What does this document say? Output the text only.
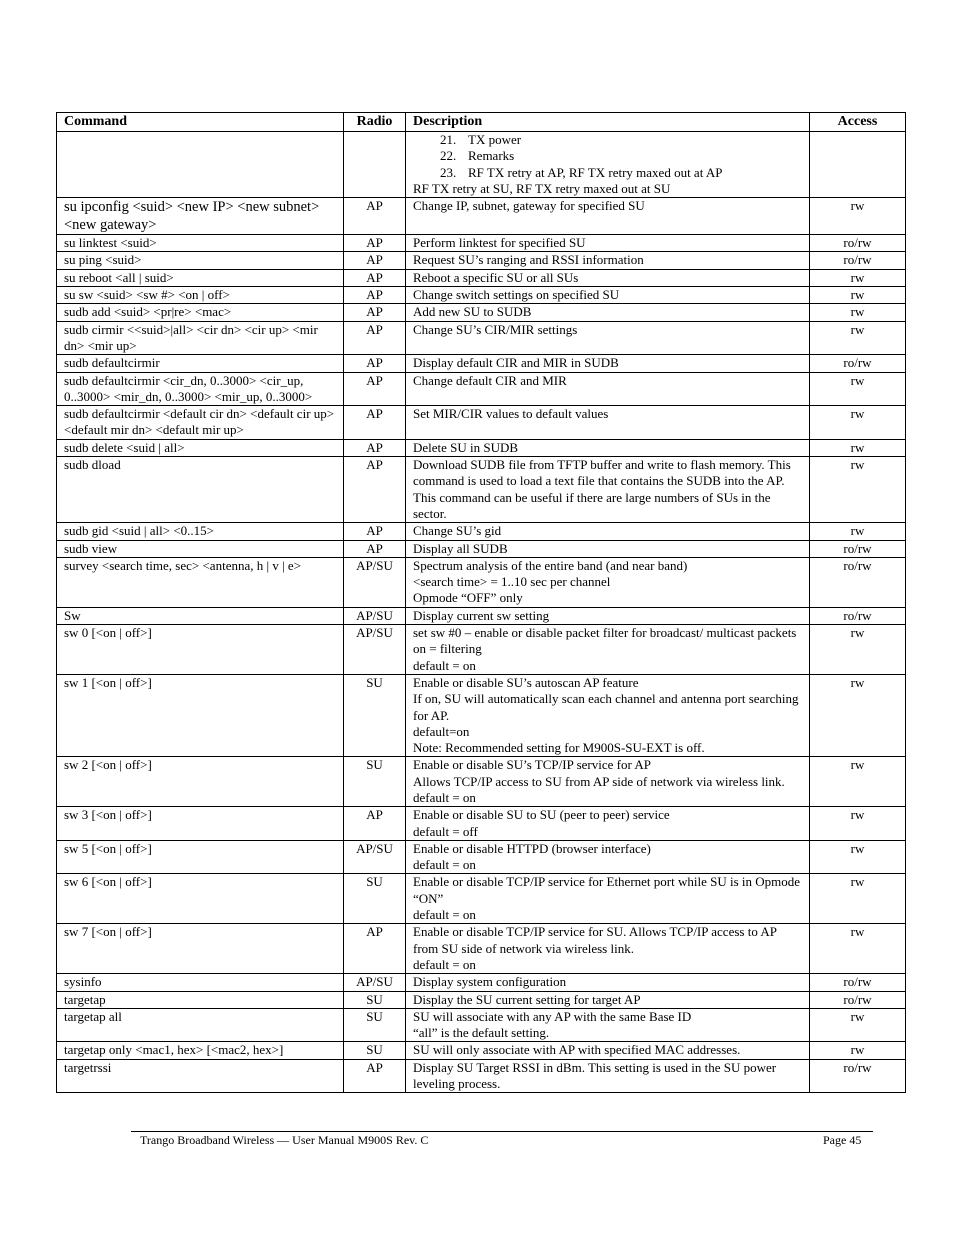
Command	Radio	Description	Access

		21. TX power
22. Remarks
23. RF TX retry at AP, RF TX retry maxed out at AP
RF TX retry at SU, RF TX retry maxed out at SU	

su ipconfig <suid> <new IP> <new subnet> <new gateway>	AP	Change IP, subnet, gateway for specified SU	rw
su linktest <suid>	AP	Perform linktest for specified SU	ro/rw
su ping <suid>	AP	Request SU’s ranging and RSSI information	ro/rw
su reboot <all | suid>	AP	Reboot a specific SU or all SUs	rw
su sw <suid> <sw #> <on | off>	AP	Change switch settings on specified SU	rw
sudb add <suid> <pr|re> <mac>	AP	Add new SU to SUDB	rw
sudb cirmir <<suid>|all> <cir dn> <cir up> <mir dn> <mir up>	AP	Change SU’s CIR/MIR settings	rw
sudb defaultcirmir	AP	Display default CIR and MIR in SUDB	ro/rw
sudb defaultcirmir <cir_dn, 0..3000> <cir_up, 0..3000> <mir_dn, 0..3000> <mir_up, 0..3000>	AP	Change default CIR and MIR	rw
sudb defaultcirmir <default cir dn> <default cir up> <default mir dn> <default mir up>	AP	Set MIR/CIR values to default values	rw
sudb delete <suid | all>	AP	Delete SU in SUDB	rw
sudb dload	AP	Download SUDB file from TFTP buffer and write to flash memory. This command is used to load a text file that contains the SUDB into the AP. This command can be useful if there are large numbers of SUs in the sector.	rw
sudb gid <suid | all> <0..15>	AP	Change SU’s gid	rw
sudb view	AP	Display all SUDB	ro/rw
survey <search time, sec> <antenna, h | v | e>	AP/SU	Spectrum analysis of the entire band (and near band)
<search time> = 1..10 sec per channel
Opmode “OFF” only	ro/rw
Sw	AP/SU	Display current sw setting	ro/rw
sw 0 [<on | off>]	AP/SU	set sw #0 – enable or disable packet filter for broadcast/ multicast packets
on = filtering
default = on	rw
sw 1 [<on | off>]	SU	Enable or disable SU’s autoscan AP feature
If on, SU will automatically scan each channel and antenna port searching for AP.
default=on
Note: Recommended setting for M900S-SU-EXT is off.	rw
sw 2 [<on | off>]	SU	Enable or disable SU’s TCP/IP service for AP
Allows TCP/IP access to SU from AP side of network via wireless link.
default = on	rw
sw 3 [<on | off>]	AP	Enable or disable SU to SU (peer to peer) service
default = off	rw
sw 5 [<on | off>]	AP/SU	Enable or disable HTTPD (browser interface)
default = on	rw
sw 6 [<on | off>]	SU	Enable or disable TCP/IP service for Ethernet port while SU is in Opmode “ON”
default = on	rw
sw 7 [<on | off>]	AP	Enable or disable TCP/IP service for SU. Allows TCP/IP access to AP from SU side of network via wireless link.
default = on	rw
sysinfo	AP/SU	Display system configuration	ro/rw
targetap	SU	Display the SU current setting for target AP	ro/rw
targetap all	SU	SU will associate with any AP with the same Base ID
“all” is the default setting.	rw
targetap only <mac1, hex> [<mac2, hex>]	SU	SU will only associate with AP with specified MAC addresses.	rw
targetrssi	AP	Display SU Target RSSI in dBm. This setting is used in the SU power leveling process.	ro/rw
Trango Broadband Wireless — User Manual M900S Rev. C	Page 45
